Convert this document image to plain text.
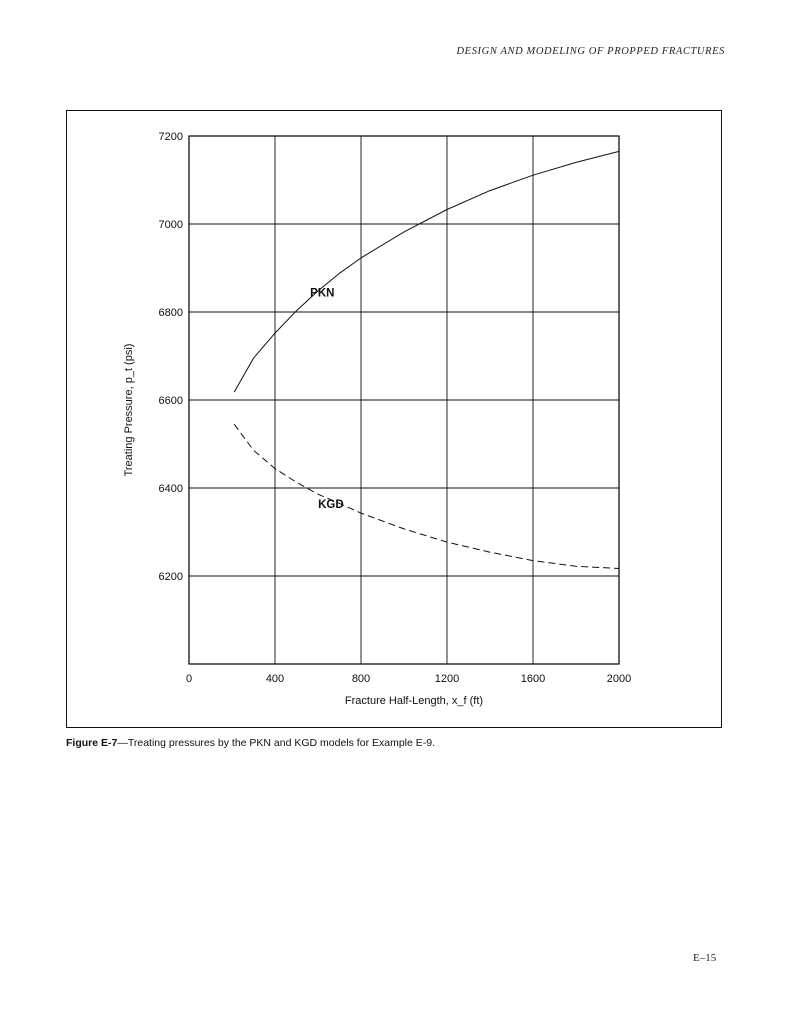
DESIGN AND MODELING OF PROPPED FRACTURES
0	400	800	1200	1600	2000
6200
6400
6600
6800
7000
7200
Fracture Half-Length, x_f (ft)
Treating Pressure, p_t (psi)
PKN
KGD
Figure E-7—Treating pressures by the PKN and KGD models for Example E-9.
E–15
